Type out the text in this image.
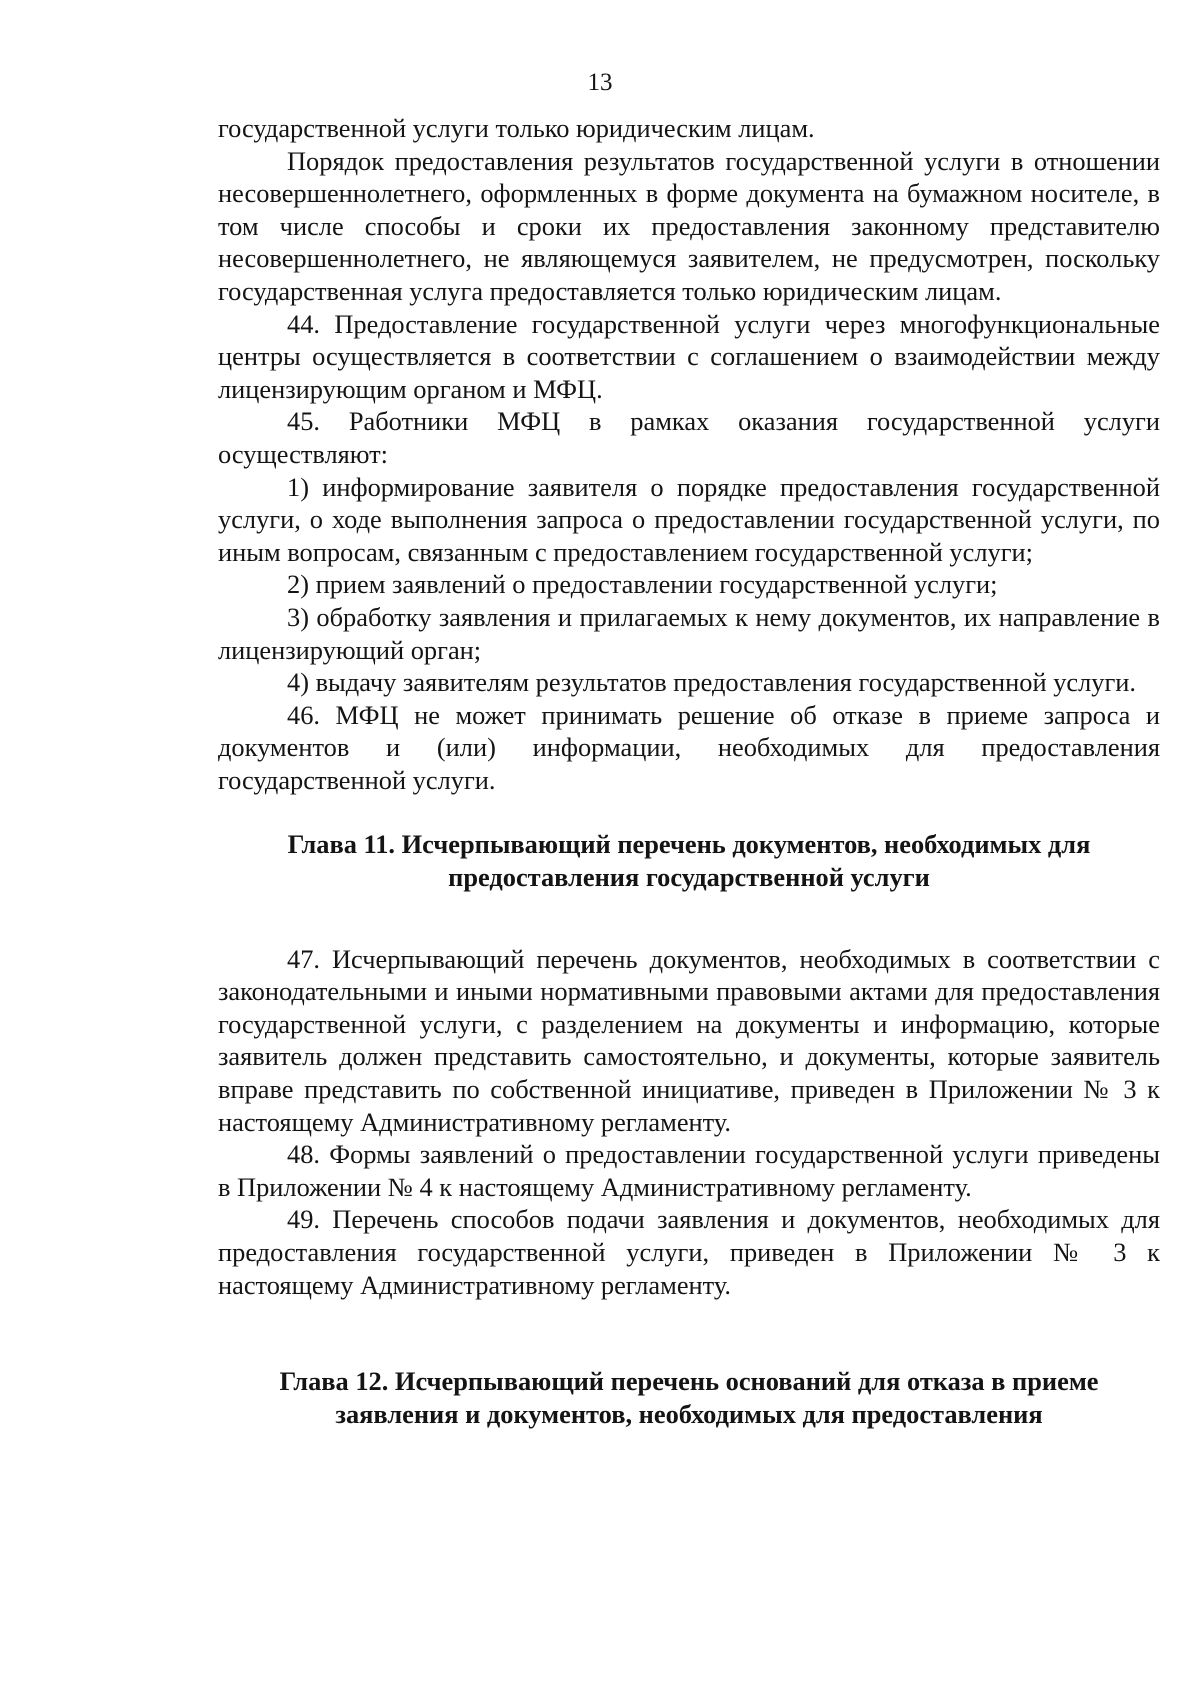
13

государственной услуги только юридическим лицам.

Порядок предоставления результатов государственной услуги в отношении несовершеннолетнего, оформленных в форме документа на бумажном носителе, в том числе способы и сроки их предоставления законному представителю несовершеннолетнего, не являющемуся заявителем, не предусмотрен, поскольку государственная услуга предоставляется только юридическим лицам.

44. Предоставление государственной услуги через многофункциональные центры осуществляется в соответствии с соглашением о взаимодействии между лицензирующим органом и МФЦ.

45. Работники МФЦ в рамках оказания государственной услуги осуществляют:

1) информирование заявителя о порядке предоставления государственной услуги, о ходе выполнения запроса о предоставлении государственной услуги, по иным вопросам, связанным с предоставлением государственной услуги;

2) прием заявлений о предоставлении государственной услуги;

3) обработку заявления и прилагаемых к нему документов, их направление в лицензирующий орган;

4) выдачу заявителям результатов предоставления государственной услуги.

46. МФЦ не может принимать решение об отказе в приеме запроса и документов и (или) информации, необходимых для предоставления государственной услуги.

Глава 11. Исчерпывающий перечень документов, необходимых для
предоставления государственной услуги

47. Исчерпывающий перечень документов, необходимых в соответствии с законодательными и иными нормативными правовыми актами для предоставления государственной услуги, с разделением на документы и информацию, которые заявитель должен представить самостоятельно, и документы, которые заявитель вправе представить по собственной инициативе, приведен в Приложении № 3 к настоящему Административному регламенту.

48. Формы заявлений о предоставлении государственной услуги приведены в Приложении № 4 к настоящему Административному регламенту.

49. Перечень способов подачи заявления и документов, необходимых для предоставления государственной услуги, приведен в Приложении № 3 к настоящему Административному регламенту.

Глава 12. Исчерпывающий перечень оснований для отказа в приеме
заявления и документов, необходимых для предоставления
